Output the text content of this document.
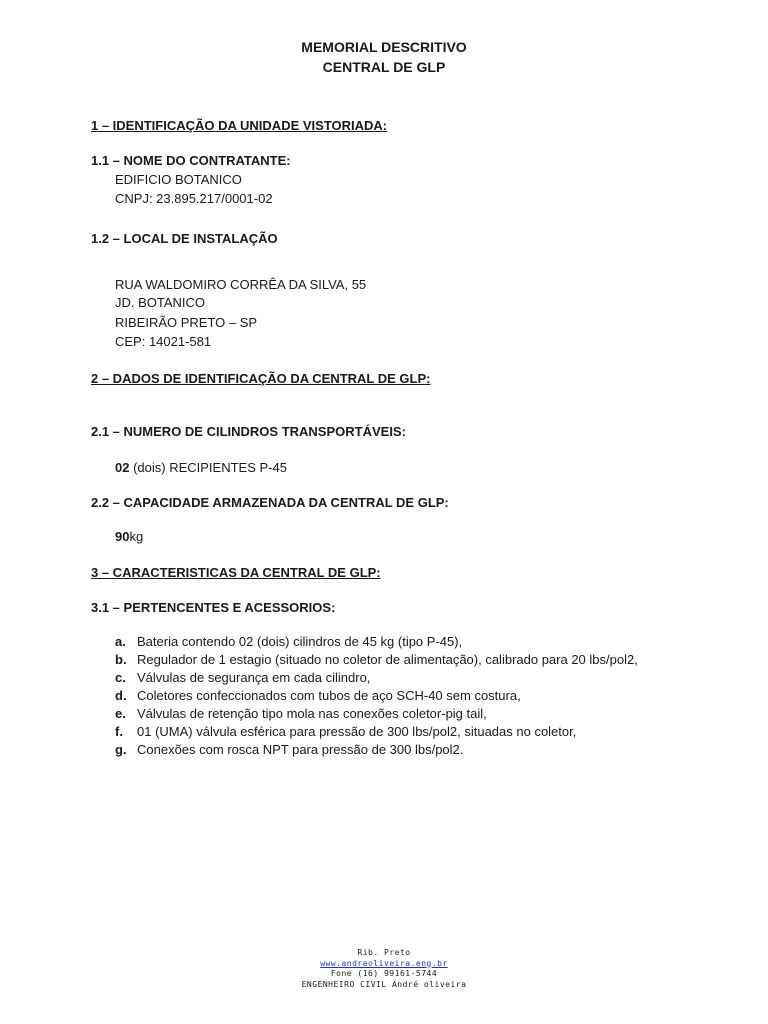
MEMORIAL DESCRITIVO
CENTRAL DE GLP
1 – IDENTIFICAÇÃO DA UNIDADE VISTORIADA:
1.1 – NOME DO CONTRATANTE:
EDIFICIO BOTANICO
CNPJ: 23.895.217/0001-02
1.2 – LOCAL DE INSTALAÇÃO
RUA WALDOMIRO CORRÊA DA SILVA, 55
JD. BOTANICO
RIBEIRÃO PRETO – SP
CEP: 14021-581
2 – DADOS DE IDENTIFICAÇÃO DA CENTRAL DE GLP:
2.1 – NUMERO DE CILINDROS TRANSPORTÁVEIS:
02 (dois) RECIPIENTES P-45
2.2 – CAPACIDADE ARMAZENADA DA CENTRAL DE GLP:
90kg
3 – CARACTERISTICAS DA CENTRAL DE GLP:
3.1 – PERTENCENTES E ACESSORIOS:
a. Bateria contendo 02 (dois) cilindros de 45 kg (tipo P-45),
b. Regulador de 1 estagio (situado no coletor de alimentação), calibrado para 20 lbs/pol2,
c. Válvulas de segurança em cada cilindro,
d. Coletores confeccionados com tubos de aço SCH-40 sem costura,
e. Válvulas de retenção tipo mola nas conexões coletor-pig tail,
f. 01 (UMA) válvula esférica para pressão de 300 lbs/pol2, situadas no coletor,
g. Conexões com rosca NPT para pressão de 300 lbs/pol2.
Rib. Preto
www.andreoliveira.eng.br
Fone (16) 99161-5744
ENGENHEIRO CIVIL André oliveira
